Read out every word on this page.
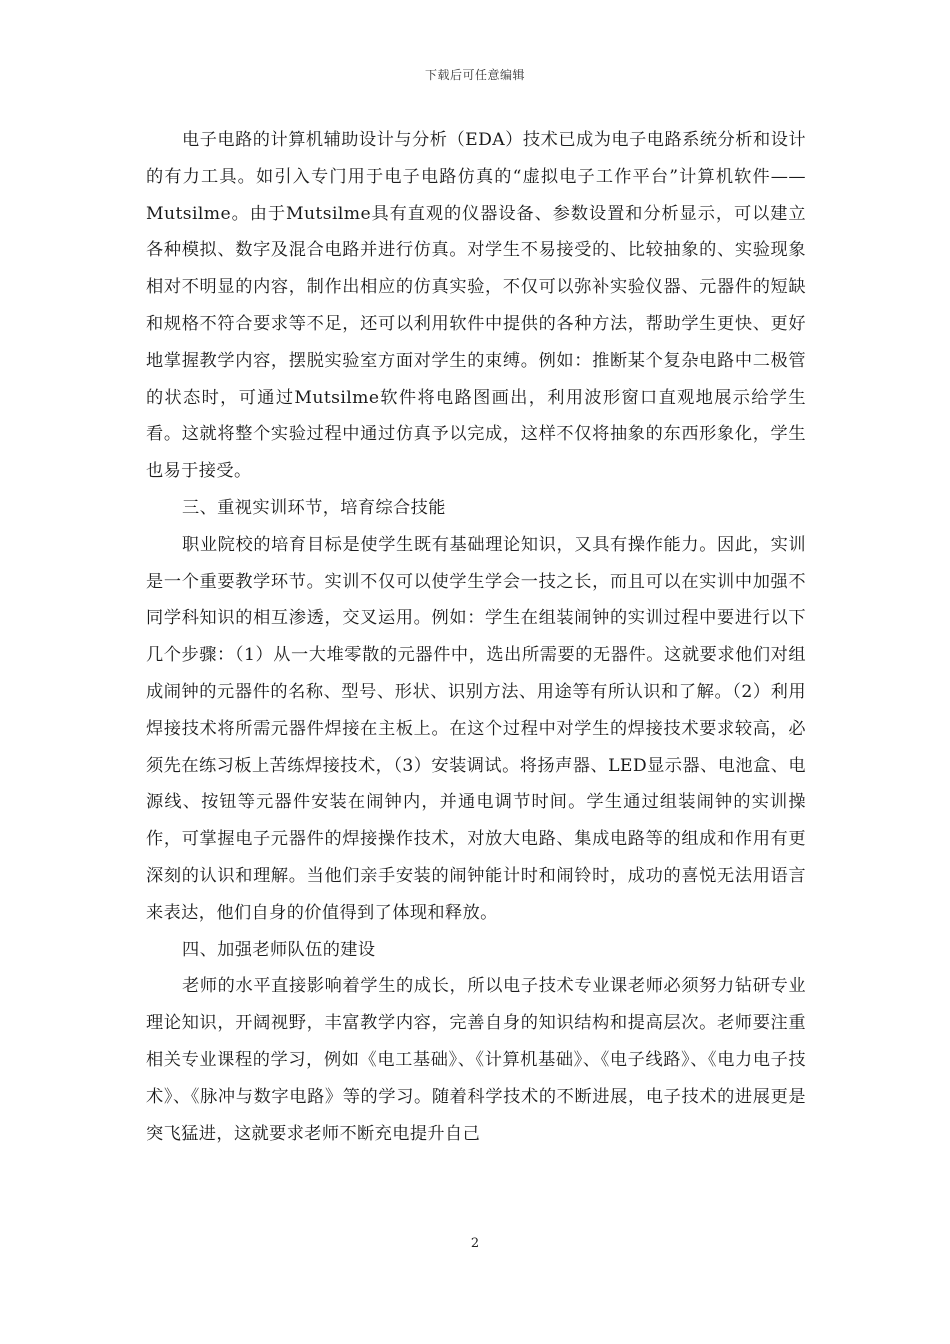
下载后可任意编辑

电子电路的计算机辅助设计与分析（EDA）技术已成为电子电路系统分析和设计的有力工具。如引入专门用于电子电路仿真的“虚拟电子工作平台”计算机软件——Mutsilme。由于Mutsilme具有直观的仪器设备、参数设置和分析显示，可以建立各种模拟、数字及混合电路并进行仿真。对学生不易接受的、比较抽象的、实验现象相对不明显的内容，制作出相应的仿真实验，不仅可以弥补实验仪器、元器件的短缺和规格不符合要求等不足，还可以利用软件中提供的各种方法，帮助学生更快、更好地掌握教学内容，摆脱实验室方面对学生的束缚。例如：推断某个复杂电路中二极管的状态时，可通过Mutsilme软件将电路图画出，利用波形窗口直观地展示给学生看。这就将整个实验过程中通过仿真予以完成，这样不仅将抽象的东西形象化，学生也易于接受。

三、重视实训环节，培育综合技能

职业院校的培育目标是使学生既有基础理论知识，又具有操作能力。因此，实训是一个重要教学环节。实训不仅可以使学生学会一技之长，而且可以在实训中加强不同学科知识的相互渗透，交叉运用。例如：学生在组装闹钟的实训过程中要进行以下几个步骤：（1）从一大堆零散的元器件中，选出所需要的无器件。这就要求他们对组成闹钟的元器件的名称、型号、形状、识别方法、用途等有所认识和了解。（2）利用焊接技术将所需元器件焊接在主板上。在这个过程中对学生的焊接技术要求较高，必须先在练习板上苦练焊接技术，（3）安装调试。将扬声器、LED显示器、电池盒、电源线、按钮等元器件安装在闹钟内，并通电调节时间。学生通过组装闹钟的实训操作，可掌握电子元器件的焊接操作技术，对放大电路、集成电路等的组成和作用有更深刻的认识和理解。当他们亲手安装的闹钟能计时和闹铃时，成功的喜悦无法用语言来表达，他们自身的价值得到了体现和释放。

四、加强老师队伍的建设

老师的水平直接影响着学生的成长，所以电子技术专业课老师必须努力钻研专业理论知识，开阔视野，丰富教学内容，完善自身的知识结构和提高层次。老师要注重相关专业课程的学习，例如《电工基础》、《计算机基础》、《电子线路》、《电力电子技术》、《脉冲与数字电路》等的学习。随着科学技术的不断进展，电子技术的进展更是突飞猛进，这就要求老师不断充电提升自己

2
